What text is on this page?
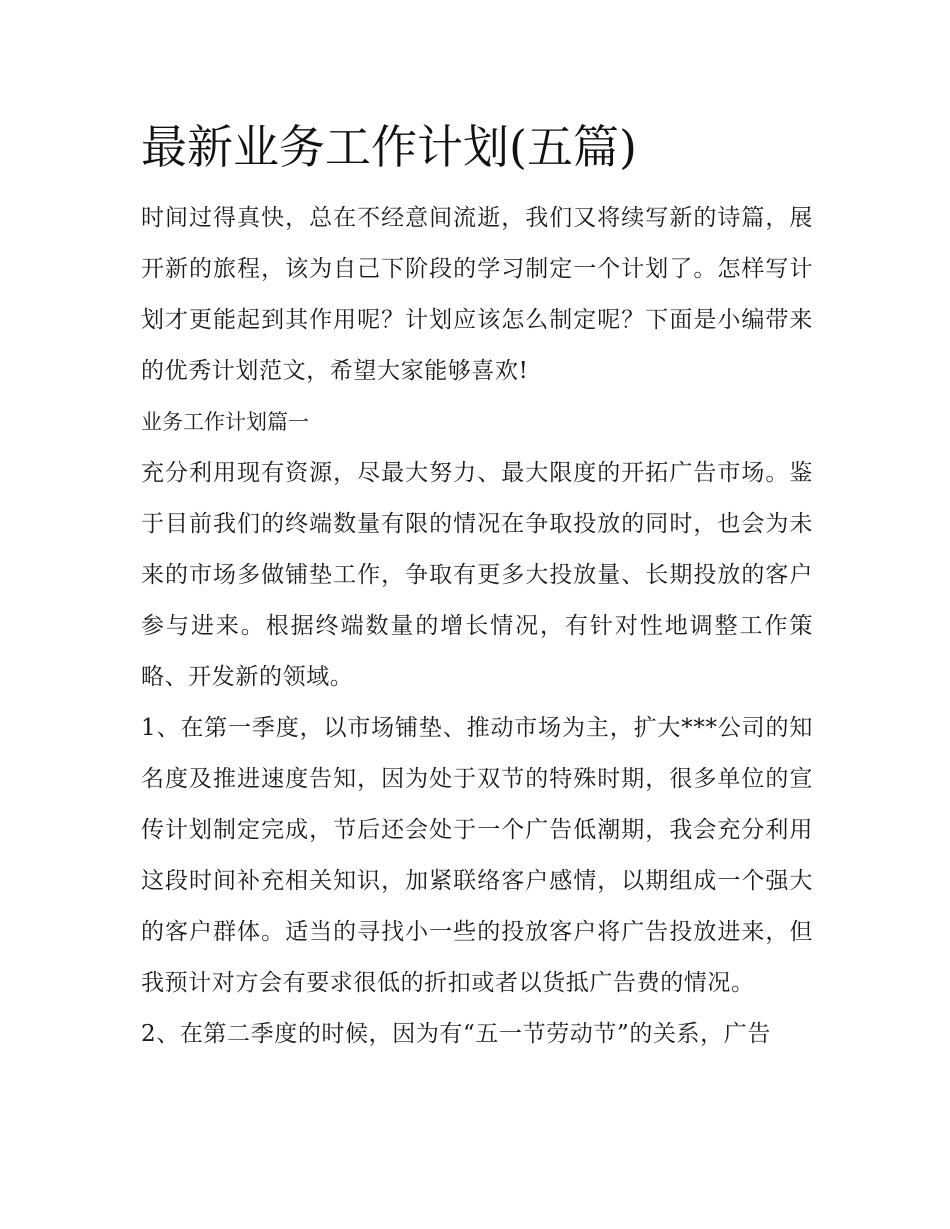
最新业务工作计划(五篇)

时间过得真快，总在不经意间流逝，我们又将续写新的诗篇，展开新的旅程，该为自己下阶段的学习制定一个计划了。怎样写计划才更能起到其作用呢？计划应该怎么制定呢？下面是小编带来的优秀计划范文，希望大家能够喜欢!

业务工作计划篇一

充分利用现有资源，尽最大努力、最大限度的开拓广告市场。鉴于目前我们的终端数量有限的情况在争取投放的同时，也会为未来的市场多做铺垫工作，争取有更多大投放量、长期投放的客户参与进来。根据终端数量的增长情况，有针对性地调整工作策略、开发新的领域。

1、在第一季度，以市场铺垫、推动市场为主，扩大***公司的知名度及推进速度告知，因为处于双节的特殊时期，很多单位的宣传计划制定完成，节后还会处于一个广告低潮期，我会充分利用这段时间补充相关知识，加紧联络客户感情，以期组成一个强大的客户群体。适当的寻找小一些的投放客户将广告投放进来，但我预计对方会有要求很低的折扣或者以货抵广告费的情况。

2、在第二季度的时候，因为有“五一节劳动节”的关系，广告
